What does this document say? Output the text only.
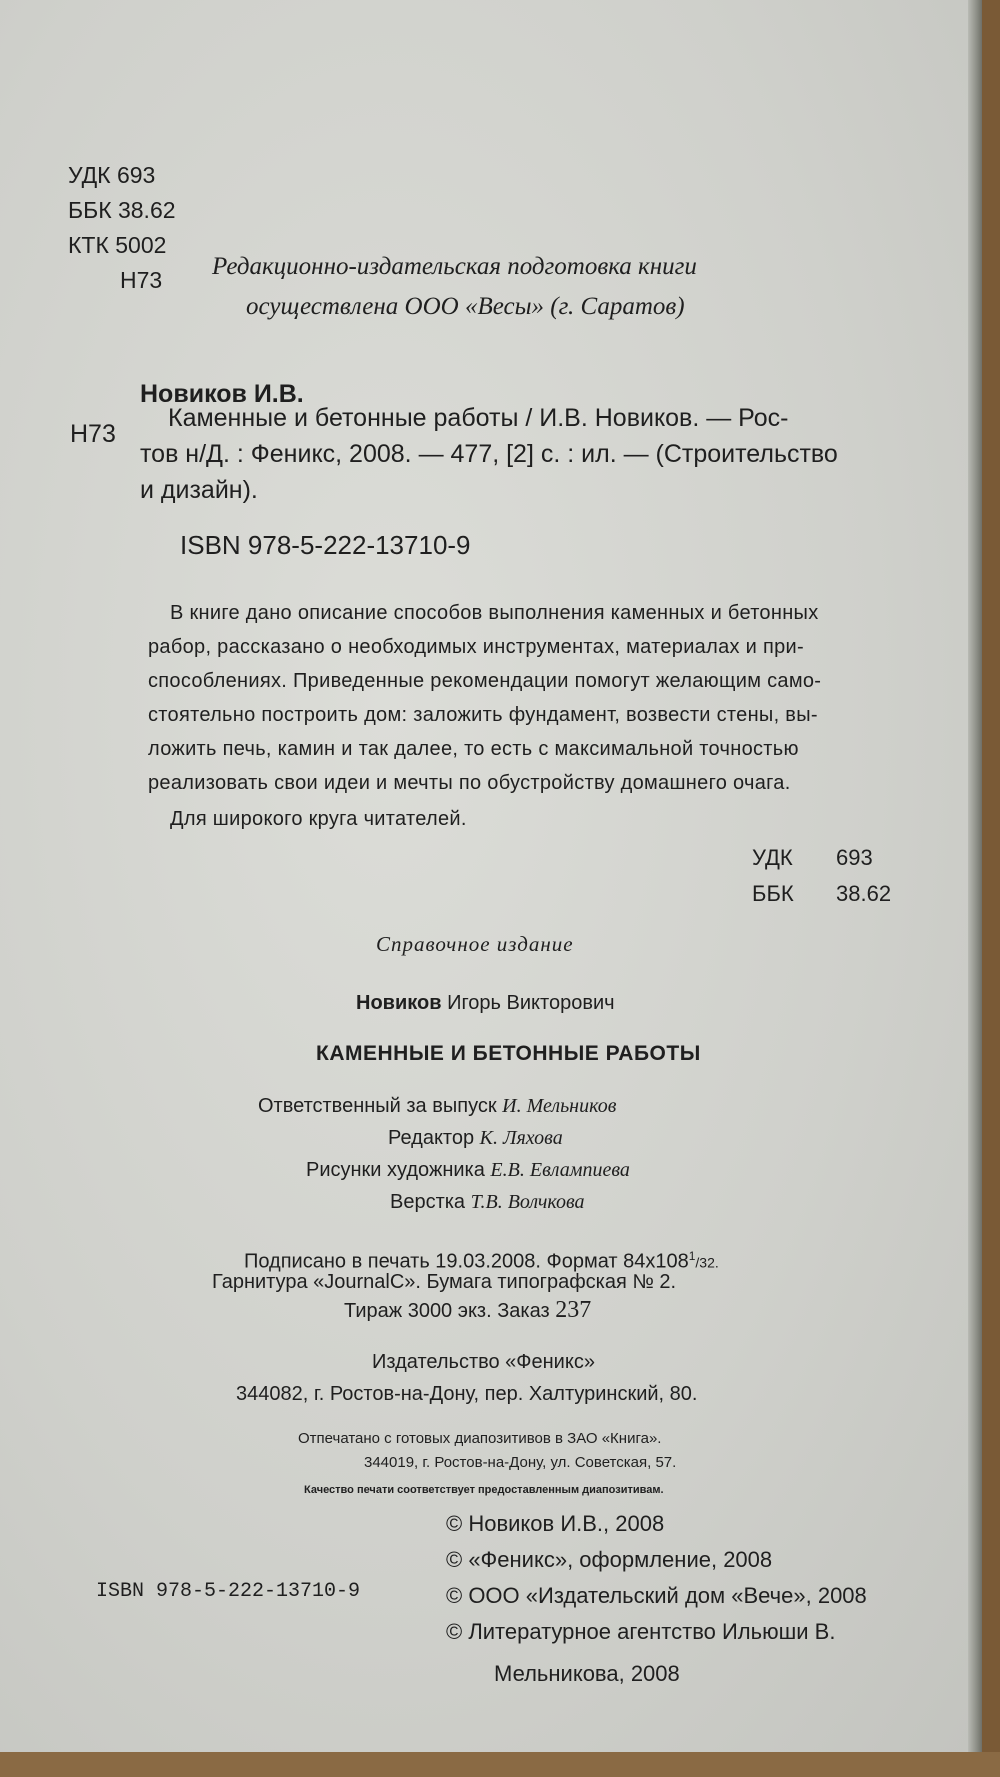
УДК 693
ББК 38.62
КТК 5002
Н73	Редакционно-издательская подготовка книги
осуществлена ООО «Весы» (г. Саратов)
Новиков И.В.
Н73
Каменные и бетонные работы / И.В. Новиков. — Рос-
тов н/Д. : Феникс, 2008. — 477, [2] с. : ил. — (Строительство
и дизайн).
ISBN 978-5-222-13710-9
В книге дано описание способов выполнения каменных и бетонных
рабор, рассказано о необходимых инструментах, материалах и при-
способлениях. Приведенные рекомендации помогут желающим само-
стоятельно построить дом: заложить фундамент, возвести стены, вы-
ложить печь, камин и так далее, то есть с максимальной точностью
реализовать свои идеи и мечты по обустройству домашнего очага.
Для широкого круга читателей.
УДК 693
ББК 38.62
Справочное издание
Новиков Игорь Викторович
КАМЕННЫЕ И БЕТОННЫЕ РАБОТЫ
Ответственный за выпуск И. Мельников
Редактор К. Ляхова
Рисунки художника Е.В. Евлампиева
Верстка Т.В. Волчкова
Подписано в печать 19.03.2008. Формат $84x108^1/32$.
Гарнитура «JournalC». Бумага типографская № 2.
Тираж 3000 экз. Заказ 237
Издательство «Феникс»
344082, г. Ростов-на-Дону, пер. Халтуринский, 80.
Отпечатано с готовых диапозитивов в ЗАО «Книга».
344019, г. Ростов-на-Дону, ул. Советская, 57.
Качество печати соответствует предоставленным диапозитивам.
© Новиков И.В., 2008
© «Феникс», оформление, 2008
© ООО «Издательский дом «Вече», 2008
© Литературное агентство Ильюши В.
Мельникова, 2008
ISBN 978-5-222-13710-9
